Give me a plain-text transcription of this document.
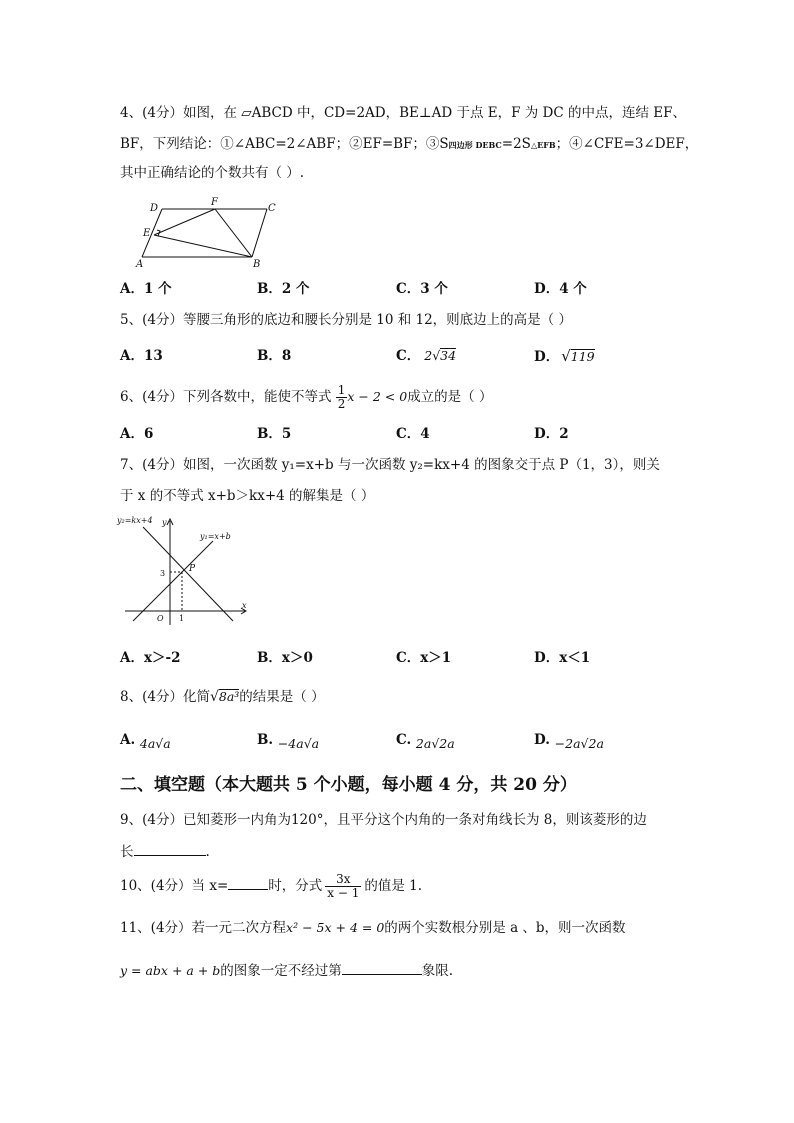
4、(4分）如图，在 ▱ABCD 中，CD=2AD，BE⊥AD 于点 E，F 为 DC 的中点，连结 EF、
BF，下列结论：①∠ABC=2∠ABF；②EF=BF；③S四边形 DEBC=2S△EFB；④∠CFE=3∠DEF，
其中正确结论的个数共有（ ）.
D
F
C
E
A	B
A．1 个	B．2 个	C．3 个	D．4 个
5、(4分）等腰三角形的底边和腰长分别是 10 和 12，则底边上的高是（ ）
A．13	B．8	C． 2√34	D． √119
6、(4分）下列各数中，能使不等式 $\frac{1}{2}$ x − 2 < 0成立的是（ ）
A．6	B．5	C．4	D．2
7、(4分）如图，一次函数 y₁=x+b 与一次函数 y₂=kx+4 的图象交于点 P（1，3），则关
于 x 的不等式 x+b＞kx+4 的解集是（ ）
y₂=kx+4 y
y₁=x+b
P
3
O 1
x
A．x＞-2	B．x＞0	C．x＞1	D．x＜1
8、(4分）化简√8a³的结果是（ ）
A. 4a√a	B. −4a√a	C. 2a√2a	D. −2a√2a
二、填空题（本大题共 5 个小题，每小题 4 分，共 20 分）
9、(4分）已知菱形一内角为120°，且平分这个内角的一条对角线长为 8，则该菱形的边
长	.
10、(4分）当 x=	时，分式 $\frac{3x}{x - 1}$ 的值是 1.
11、(4分）若一元二次方程x² − 5x + 4 = 0的两个实数根分别是 a 、b，则一次函数
y = abx + a + b的图象一定不经过第	象限.
